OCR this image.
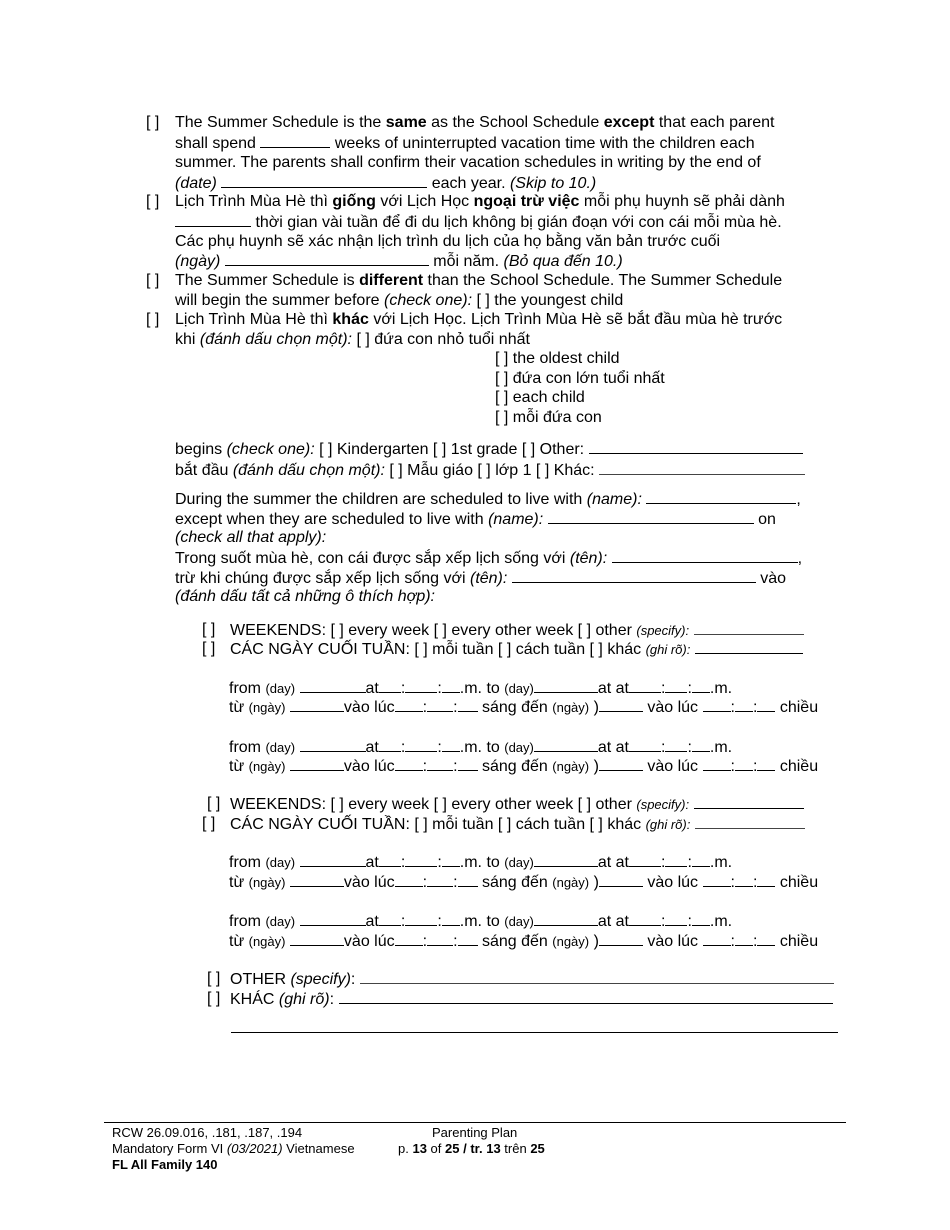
[ ] The Summer Schedule is the same as the School Schedule except that each parent
shall spend	weeks of uninterrupted vacation time with the children each
summer. The parents shall confirm their vacation schedules in writing by the end of
(date)	each year. (Skip to 10.)
[ ] Lịch Trình Mùa Hè thì giống với Lịch Học ngoại trừ việc mỗi phụ huynh sẽ phải dành
thời gian vài tuần để đi du lịch không bị gián đoạn với con cái mỗi mùa hè.
Các phụ huynh sẽ xác nhận lịch trình du lịch của họ bằng văn bản trước cuối
(ngày)	mỗi năm. (Bỏ qua đến 10.)
[ ] The Summer Schedule is different than the School Schedule. The Summer Schedule
will begin the summer before (check one): [ ] the youngest child
[ ] Lịch Trình Mùa Hè thì khác với Lịch Học. Lịch Trình Mùa Hè sẽ bắt đầu mùa hè trước
khi (đánh dấu chọn một): [ ] đứa con nhỏ tuổi nhất
[ ] the oldest child
[ ] đứa con lớn tuổi nhất
[ ] each child
[ ] mỗi đứa con
begins (check one): [ ] Kindergarten [ ] 1st grade [ ] Other:
bắt đầu (đánh dấu chọn một): [ ] Mẫu giáo [ ] lớp 1 [ ] Khác:
During the summer the children are scheduled to live with (name):	,
except when they are scheduled to live with (name):	on
(check all that apply):
Trong suốt mùa hè, con cái được sắp xếp lịch sống với (tên):	,
trừ khi chúng được sắp xếp lịch sống với (tên):	vào
(đánh dấu tất cả những ô thích hợp):
[ ] WEEKENDS: [ ] every week [ ] every other week [ ] other (specify):
[ ] CÁC NGÀY CUỐI TUẦN: [ ] mỗi tuần [ ] cách tuần [ ] khác (ghi rõ):
from (day)	at : : .m. to (day)	at at : : .m.
từ (ngày)	vào lúc : : sáng đến (ngày) )	vào lúc : : chiều
from (day)	at : : .m. to (day)	at at : : .m.
từ (ngày)	vào lúc : : sáng đến (ngày) )	vào lúc : : chiều
[ ] WEEKENDS: [ ] every week [ ] every other week [ ] other (specify):
[ ] CÁC NGÀY CUỐI TUẦN: [ ] mỗi tuần [ ] cách tuần [ ] khác (ghi rõ):
from (day)	at : : .m. to (day)	at at : : .m.
từ (ngày)	vào lúc : : sáng đến (ngày) )	vào lúc : : chiều
from (day)	at : : .m. to (day)	at at : : .m.
từ (ngày)	vào lúc : : sáng đến (ngày) )	vào lúc : : chiều
[ ] OTHER (specify):
[ ] KHÁC (ghi rõ):
RCW 26.09.016, .181, .187, .194
Mandatory Form VI (03/2021) Vietnamese
FL All Family 140
Parenting Plan
p. 13 of 25 / tr. 13 trên 25
